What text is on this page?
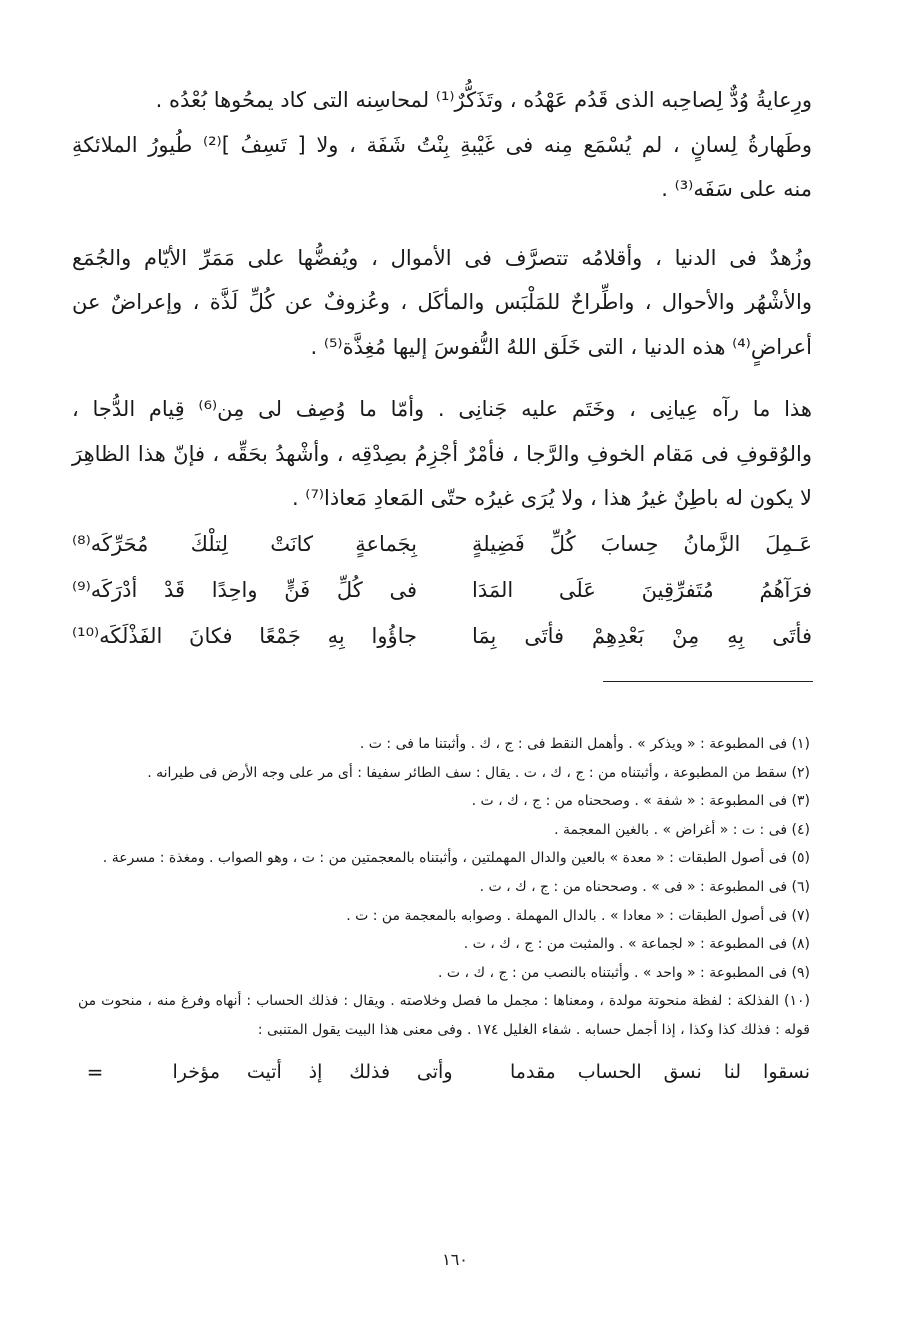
ورِعايةُ وُدٌّ لِصاحِبه الذى قَدُم عَهْدُه ، وتَذَكُّرٌ⁽¹⁾ لمحاسِنه التى كاد يمحُوها بُعْدُه .

وطَهارةُ لِسانٍ ، لم يُسْمَع مِنه فى غَيْبةِ بِنْتُ شَفَة ، ولا [ تَسِفُ ]⁽²⁾ طُيورُ الملائكةِ
منه على سَفَه⁽³⁾ .

وزُهدٌ فى الدنيا ، وأقلامُه تتصرَّف فى الأموال ، ويُفضُّها على مَمَرِّ الأيّام والجُمَع
والأشْهُر والأحوال ، واطِّراحٌ للمَلْبَس والمأكَل ، وعُزوفٌ عن كُلِّ لَذَّة ، وإعراضٌ عن
أعراضٍ⁽⁴⁾ هذه الدنيا ، التى خَلَق اللهُ النُّفوسَ إليها مُغِذَّة⁽⁵⁾ .

هذا ما رآه عِيانِى ، وخَتَم عليه جَنانِى . وأمّا ما وُصِف لى مِن⁽⁶⁾ قِيام الدُّجا ،
والوُقوفِ فى مَقام الخوفِ والرَّجا ، فأمْرٌ أجْزِمُ بصِدْقِه ، وأشْهدُ بحَقِّه ، فإنّ هذا الظاهِرَ
لا يكون له باطِنٌ غيرُ هذا ، ولا يُرَى غيرُه حتّى المَعادِ مَعاذا⁽⁷⁾ .

عَـمِلَ الزَّمانُ حِسابَ كُلِّ فَضِيلةٍ
بِجَماعةٍ كانَتْ لِتلْكَ مُحَرِّكَه⁽⁸⁾
فرَآهُمُ مُتَفرِّقِينَ عَلَى المَدَا
فى كُلِّ فَنٍّ واحِدًا قَدْ أدْرَكَه⁽⁹⁾
فأتَى بِهِ مِنْ بَعْدِهِمْ فأتَى بِمَا
جاؤُوا بِهِ جَمْعًا فكانَ الفَذْلَكَه⁽¹⁰⁾

(١) فى المطبوعة : « ويذكر » . وأهمل النقط فى : ج ، ك . وأثبتنا ما فى : ت .

(٢) سقط من المطبوعة ، وأثبتناه من : ج ، ك ، ت . يقال : سف الطائر سفيفا : أى مر على وجه الأرض فى طيرانه .

(٣) فى المطبوعة : « شفة » . وصححناه من : ج ، ك ، ت .

(٤) فى : ت : « أغراض » . بالغين المعجمة .

(٥) فى أصول الطبقات : « معدة » بالعين والدال المهملتين ، وأثبتناه بالمعجمتين من : ت ، وهو الصواب . ومغذة : مسرعة .

(٦) فى المطبوعة : « فى » . وصححناه من : ج ، ك ، ت .

(٧) فى أصول الطبقات : « معادا » . بالدال المهملة . وصوابه بالمعجمة من : ت .

(٨) فى المطبوعة : « لجماعة » . والمثبت من : ج ، ك ، ت .

(٩) فى المطبوعة : « واحد » . وأثبتناه بالنصب من : ج ، ك ، ت .

(١٠) الفذلكة : لفظة منحوتة مولدة ، ومعناها : مجمل ما فصل وخلاصته . ويقال : فذلك الحساب : أنهاه وفرغ منه ، منحوت من قوله : فذلك كذا وكذا ، إذا أجمل حسابه . شفاء الغليل ١٧٤ . وفى معنى هذا البيت يقول المتنبى :

نسقوا لنا نسق الحساب مقدما
وأتى فذلك إذ أتيت مؤخرا
=
١٦٠
